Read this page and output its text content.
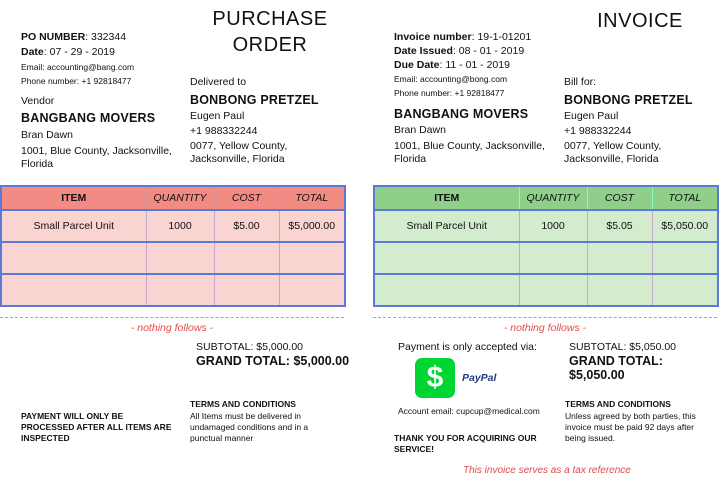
PURCHASE
ORDER
PO NUMBER: 332344
Date: 07 - 29 - 2019
Email: accounting@bang.com
Phone number: +1 92818477
Vendor
BANGBANG MOVERS
Bran Dawn
1001, Blue County, Jacksonville,
Florida
Delivered to
BONBONG PRETZEL
Eugen Paul
+1 988332244
0077, Yellow County,
Jacksonville, Florida
ITEM	QUANTITY	COST	TOTAL
Small Parcel Unit	1000	$5.00	$5,000.00

- nothing follows -
SUBTOTAL: $5,000.00
GRAND TOTAL: $5,000.00
TERMS AND CONDITIONS
All Items must be delivered in
undamaged conditions and in a
punctual manner
PAYMENT WILL ONLY BE
PROCESSED AFTER ALL ITEMS ARE
INSPECTED
INVOICE
Invoice number: 19-1-01201
Date Issued: 08 - 01 - 2019
Due Date: 11 - 01 - 2019
Email: accounting@bong.com
Phone number: +1 92818477
BANGBANG MOVERS
Bran Dawn
1001, Blue County, Jacksonville,
Florida
Bill for:
BONBONG PRETZEL
Eugen Paul
+1 988332244
0077, Yellow County,
Jacksonville, Florida
ITEM	QUANTITY	COST	TOTAL
Small Parcel Unit	1000	$5.05	$5,050.00

- nothing follows -
Payment is only accepted via:
$ PayPal
Account email: cupcup@medical.com
THANK YOU FOR ACQUIRING OUR
SERVICE!
SUBTOTAL: $5,050.00
GRAND TOTAL: $5,050.00
TERMS AND CONDITIONS
Unless agreed by both parties, this
invoice must be paid 92 days after
being issued.
This invoice serves as a tax reference
